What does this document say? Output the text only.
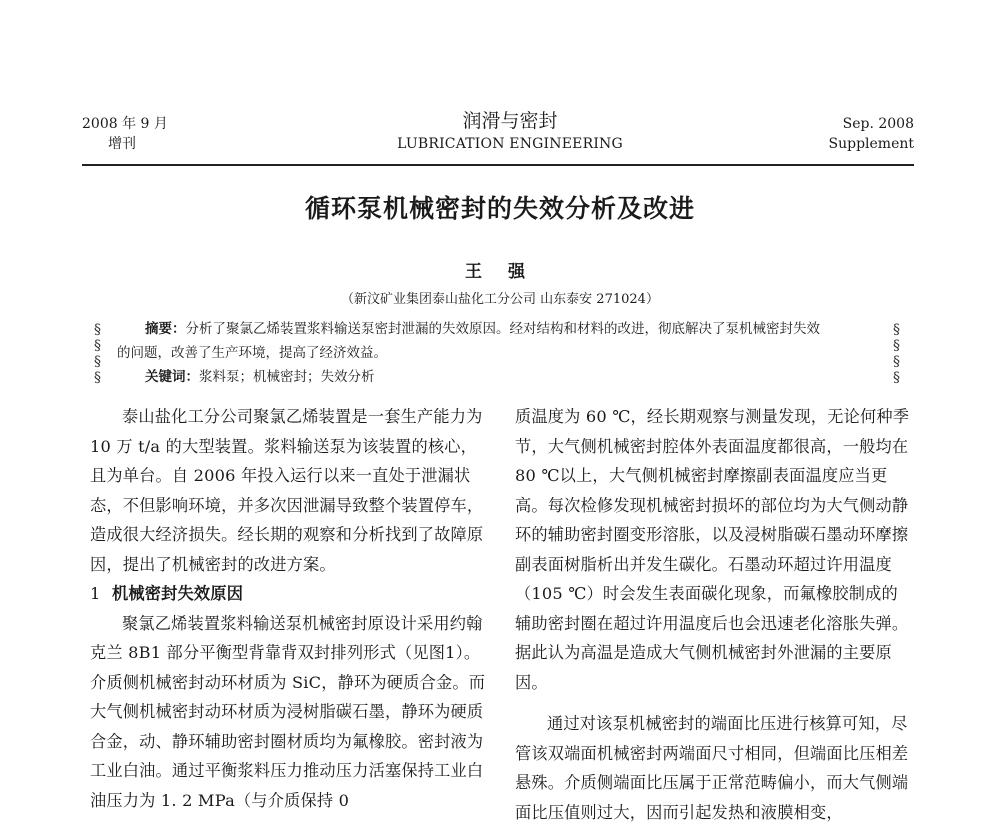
2008 年 9 月
增刊
润滑与密封
LUBRICATION ENGINEERING
Sep. 2008
Supplement
循环泵机械密封的失效分析及改进
王 强
（新汶矿业集团泰山盐化工分公司 山东泰安 271024）
§
§
§
§
§
§
§
§
摘要：分析了聚氯乙烯装置浆料输送泵密封泄漏的失效原因。经对结构和材料的改进，彻底解决了泵机械密封失效
的问题，改善了生产环境，提高了经济效益。
关键词：浆料泵；机械密封；失效分析

泰山盐化工分公司聚氯乙烯装置是一套生产能力为10 万 t/a 的大型装置。浆料输送泵为该装置的核心，且为单台。自 2006 年投入运行以来一直处于泄漏状态，不但影响环境，并多次因泄漏导致整个装置停车，造成很大经济损失。经长期的观察和分析找到了故障原因，提出了机械密封的改进方案。

1 机械密封失效原因

聚氯乙烯装置浆料输送泵机械密封原设计采用约翰克兰 8B1 部分平衡型背靠背双封排列形式（见图1）。介质侧机械密封动环材质为 SiC，静环为硬质合金。而大气侧机械密封动环材质为浸树脂碳石墨，静环为硬质合金，动、静环辅助密封圈材质均为氟橡胶。密封液为工业白油。通过平衡浆料压力推动压力活塞保持工业白油压力为 1. 2 MPa（与介质保持 0

质温度为 60 ℃，经长期观察与测量发现，无论何种季节，大气侧机械密封腔体外表面温度都很高，一般均在 80 ℃以上，大气侧机械密封摩擦副表面温度应当更高。每次检修发现机械密封损坏的部位均为大气侧动静环的辅助密封圈变形溶胀，以及浸树脂碳石墨动环摩擦副表面树脂析出并发生碳化。石墨动环超过许用温度（105 ℃）时会发生表面碳化现象，而氟橡胶制成的辅助密封圈在超过许用温度后也会迅速老化溶胀失弹。据此认为高温是造成大气侧机械密封外泄漏的主要原因。

通过对该泵机械密封的端面比压进行核算可知，尽管该双端面机械密封两端面尺寸相同，但端面比压相差悬殊。介质侧端面比压属于正常范畴偏小，而大气侧端面比压值则过大，因而引起发热和液膜相变，
